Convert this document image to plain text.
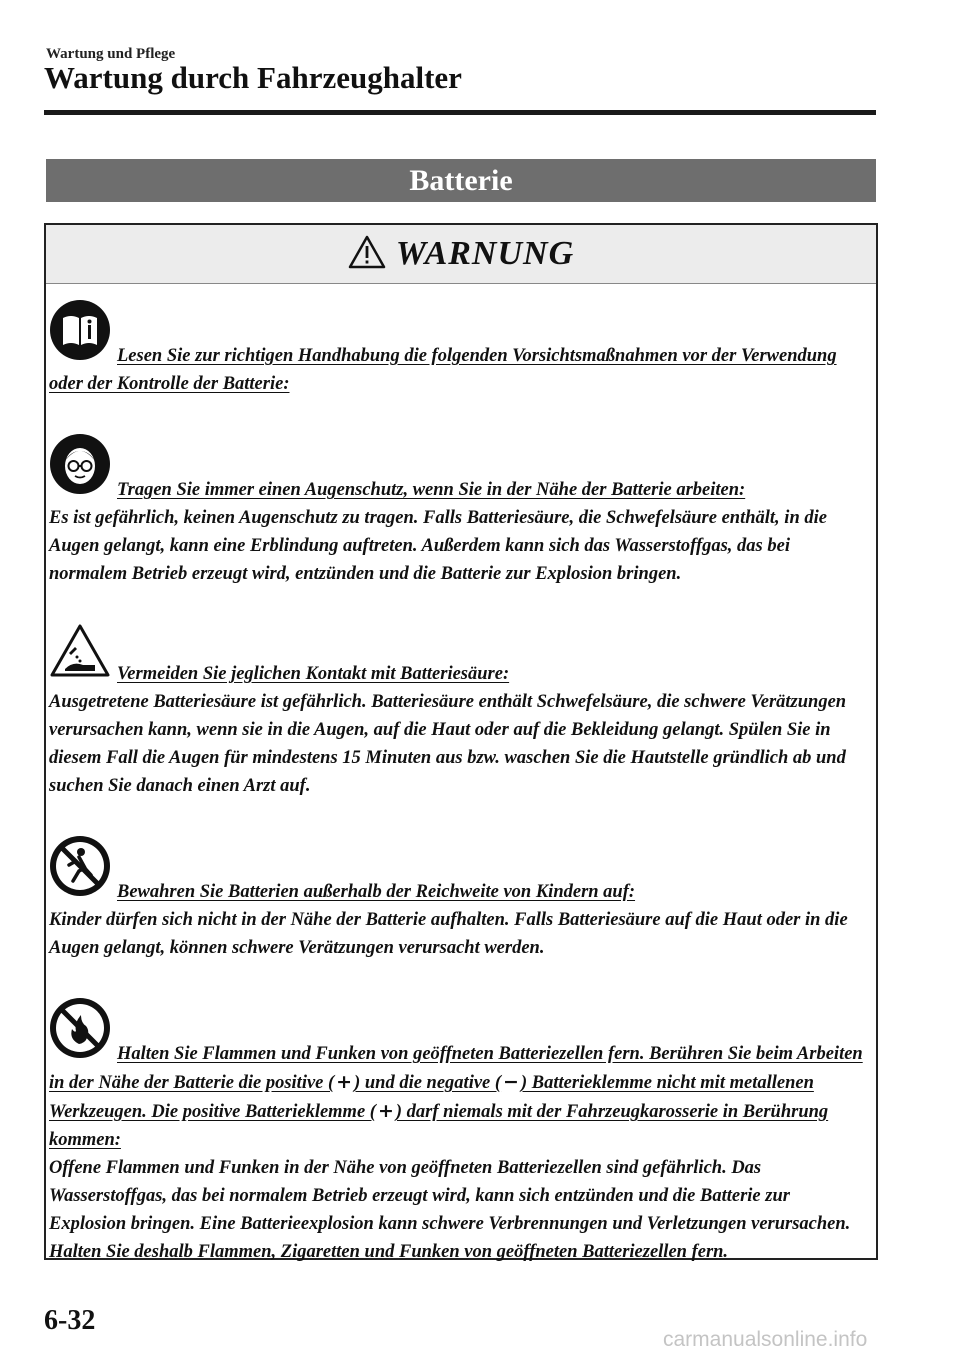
Wartung und Pflege
Wartung durch Fahrzeughalter
Batterie
WARNUNG
Lesen Sie zur richtigen Handhabung die folgenden Vorsichtsmaßnahmen vor der Verwendung oder der Kontrolle der Batterie:
Tragen Sie immer einen Augenschutz, wenn Sie in der Nähe der Batterie arbeiten:
Es ist gefährlich, keinen Augenschutz zu tragen. Falls Batteriesäure, die Schwefelsäure enthält, in die Augen gelangt, kann eine Erblindung auftreten. Außerdem kann sich das Wasserstoffgas, das bei normalem Betrieb erzeugt wird, entzünden und die Batterie zur Explosion bringen.
Vermeiden Sie jeglichen Kontakt mit Batteriesäure:
Ausgetretene Batteriesäure ist gefährlich. Batteriesäure enthält Schwefelsäure, die schwere Verätzungen verursachen kann, wenn sie in die Augen, auf die Haut oder auf die Bekleidung gelangt. Spülen Sie in diesem Fall die Augen für mindestens 15 Minuten aus bzw. waschen Sie die Hautstelle gründlich ab und suchen Sie danach einen Arzt auf.
Bewahren Sie Batterien außerhalb der Reichweite von Kindern auf:
Kinder dürfen sich nicht in der Nähe der Batterie aufhalten. Falls Batteriesäure auf die Haut oder in die Augen gelangt, können schwere Verätzungen verursacht werden.
Halten Sie Flammen und Funken von geöffneten Batteriezellen fern. Berühren Sie beim Arbeiten in der Nähe der Batterie die positive ( + ) und die negative ( − ) Batterieklemme nicht mit metallenen Werkzeugen. Die positive Batterieklemme ( + ) darf niemals mit der Fahrzeugkarosserie in Berührung kommen:
Offene Flammen und Funken in der Nähe von geöffneten Batteriezellen sind gefährlich. Das Wasserstoffgas, das bei normalem Betrieb erzeugt wird, kann sich entzünden und die Batterie zur Explosion bringen. Eine Batterieexplosion kann schwere Verbrennungen und Verletzungen verursachen. Halten Sie deshalb Flammen, Zigaretten und Funken von geöffneten Batteriezellen fern.
6-32
carmanualsonline.info
